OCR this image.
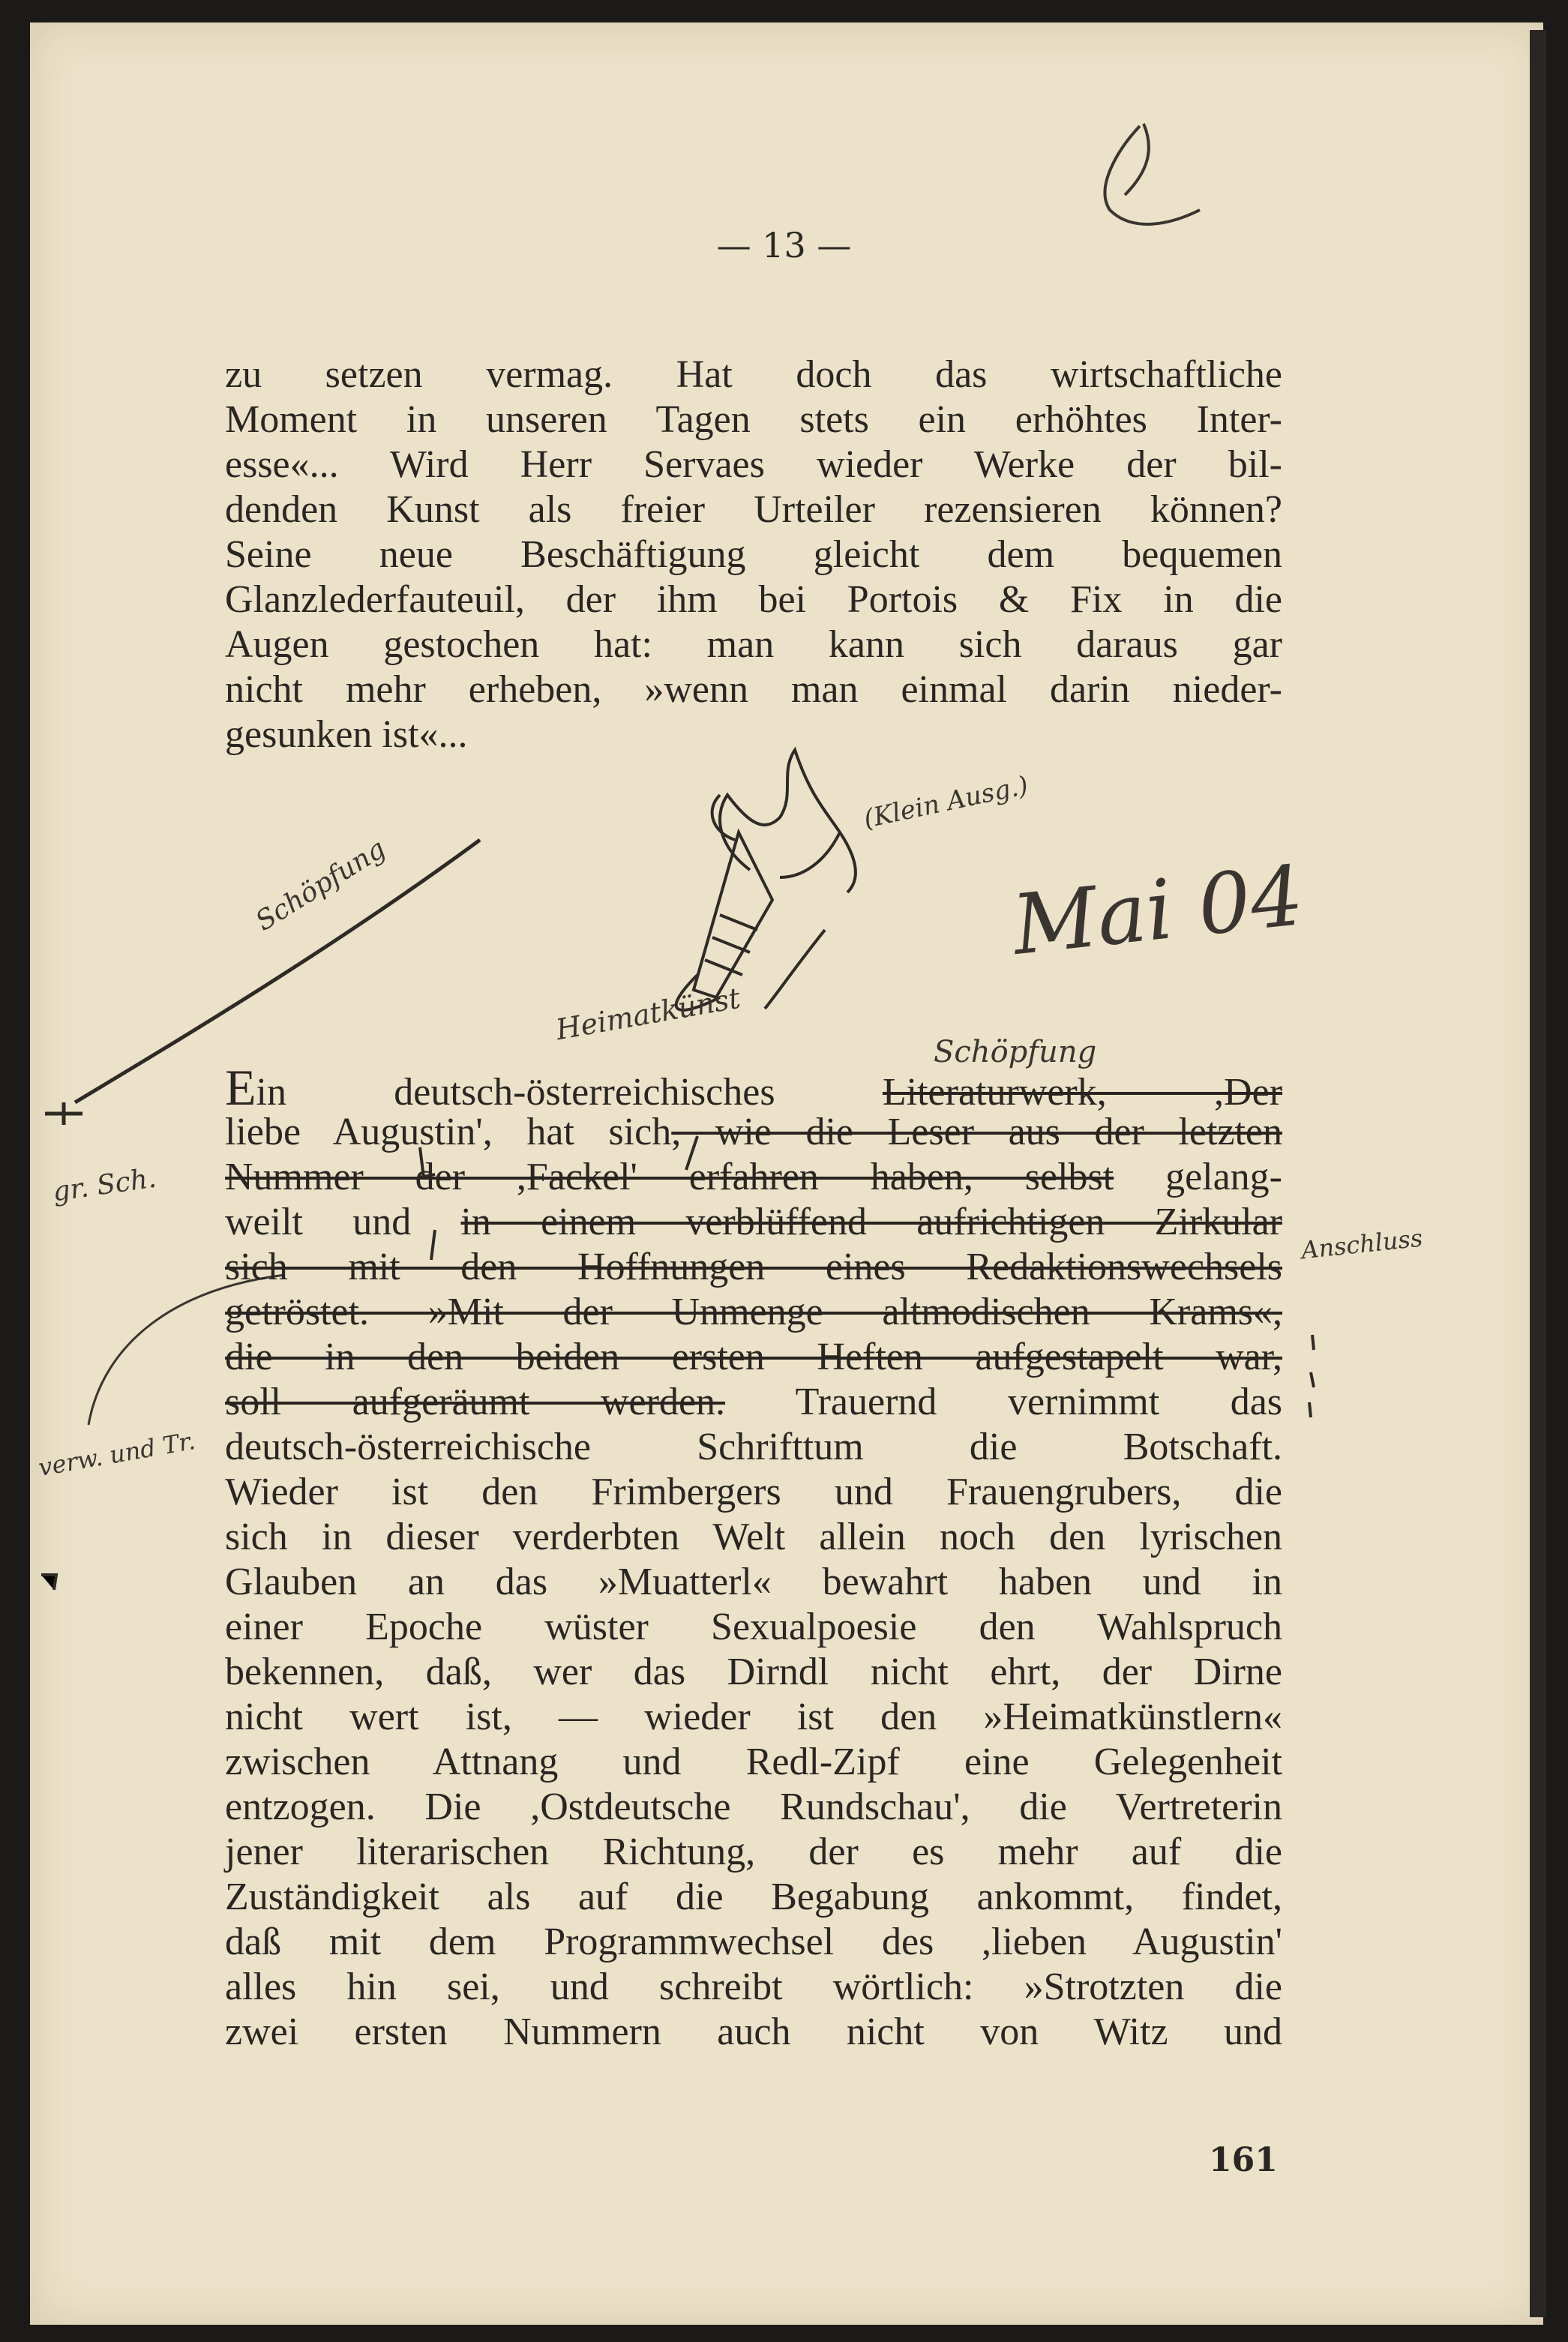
— 13 —
zu setzen vermag. Hat doch das wirtschaftliche
Moment in unseren Tagen stets ein erhöhtes Inter-
esse«... Wird Herr Servaes wieder Werke der bil-
denden Kunst als freier Urteiler rezensieren können?
Seine neue Beschäftigung gleicht dem bequemen
Glanzlederfauteuil, der ihm bei Portois & Fix in die
Augen gestochen hat: man kann sich daraus gar
nicht mehr erheben, »wenn man einmal darin nieder-
gesunken ist«...
Ein deutsch-österreichisches	Literaturwerk, ,Der
liebe Augustin', hat sich, wie die Leser aus der letzten
Nummer der ,Fackel' erfahren haben, selbst gelang-
weilt und in einem verblüffend aufrichtigen Zirkular
sich mit den Hoffnungen eines Redaktionswechsels
getröstet. »Mit der Unmenge altmodischen Krams«,
die in den beiden ersten Heften aufgestapelt war,
soll aufgeräumt werden. Trauernd vernimmt das
deutsch-österreichische Schrifttum die Botschaft.
Wieder ist den Frimbergers und Frauengrubers, die
sich in dieser verderbten Welt allein noch den lyrischen
Glauben an das »Muatterl« bewahrt haben und in
einer Epoche wüster Sexualpoesie den Wahlspruch
bekennen, daß, wer das Dirndl nicht ehrt, der Dirne
nicht wert ist, — wieder ist den »Heimatkünstlern«
zwischen Attnang und Redl-Zipf eine Gelegenheit
entzogen. Die ,Ostdeutsche Rundschau', die Vertreterin
jener literarischen Richtung, der es mehr auf die
Zuständigkeit als auf die Begabung ankommt, findet,
daß mit dem Programmwechsel des ,lieben Augustin'
alles hin sei, und schreibt wörtlich: »Strotzten die
zwei ersten Nummern auch nicht von Witz und
(Klein Ausg.)
Mai 04
Heimatkünst
Schöpfung
Schöpfung
gr. Sch.
Anschluss
verw. und Tr.
161
